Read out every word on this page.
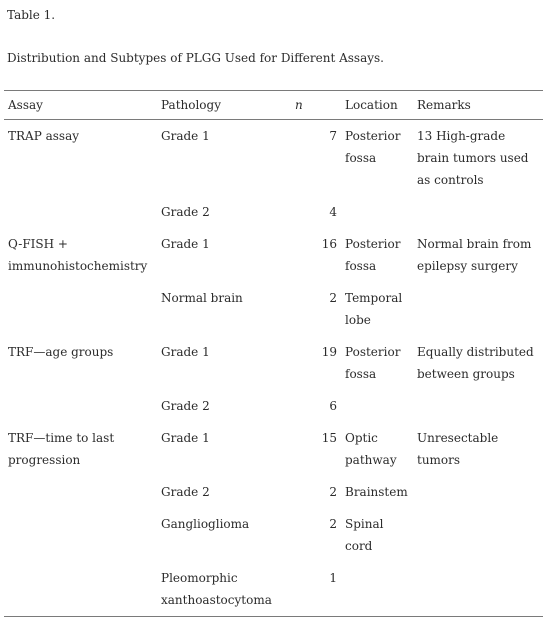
Table 1.

Distribution and Subtypes of PLGG Used for Different Assays.

Assay	Pathology	n	Location	Remarks
TRAP assay	Grade 1	7	Posterior fossa	13 High-grade brain tumors used as controls
	Grade 2	4		
Q-FISH + immunohistochemistry	Grade 1	16	Posterior fossa	Normal brain from epilepsy surgery
	Normal brain	2	Temporal lobe	
TRF—age groups	Grade 1	19	Posterior fossa	Equally distributed between groups
	Grade 2	6		
TRF—time to last progression	Grade 1	15	Optic pathway	Unresectable tumors
	Grade 2	2	Brainstem	
	Ganglioglioma	2	Spinal cord	
	Pleomorphic xanthoastocytoma	1		
